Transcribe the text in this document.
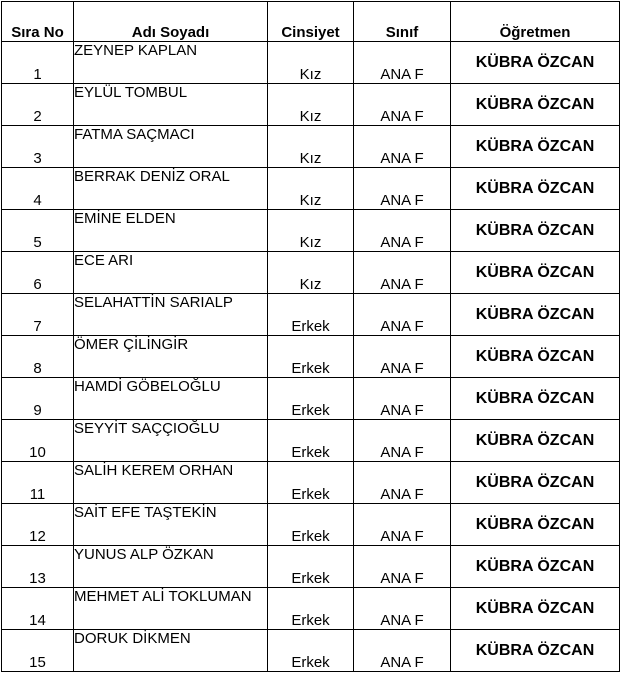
Sıra No	Adı Soyadı	Cinsiyet	Sınıf	Öğretmen
1	ZEYNEP KAPLAN	Kız	ANA F	KÜBRA ÖZCAN
2	EYLÜL TOMBUL	Kız	ANA F	KÜBRA ÖZCAN
3	FATMA SAÇMACI	Kız	ANA F	KÜBRA ÖZCAN
4	BERRAK DENİZ ORAL	Kız	ANA F	KÜBRA ÖZCAN
5	EMİNE ELDEN	Kız	ANA F	KÜBRA ÖZCAN
6	ECE ARI	Kız	ANA F	KÜBRA ÖZCAN
7	SELAHATTİN SARIALP	Erkek	ANA F	KÜBRA ÖZCAN
8	ÖMER ÇİLİNGİR	Erkek	ANA F	KÜBRA ÖZCAN
9	HAMDİ GÖBELOĞLU	Erkek	ANA F	KÜBRA ÖZCAN
10	SEYYİT SAÇÇIOĞLU	Erkek	ANA F	KÜBRA ÖZCAN
11	SALİH KEREM ORHAN	Erkek	ANA F	KÜBRA ÖZCAN
12	SAİT EFE TAŞTEKİN	Erkek	ANA F	KÜBRA ÖZCAN
13	YUNUS ALP ÖZKAN	Erkek	ANA F	KÜBRA ÖZCAN
14	MEHMET ALİ TOKLUMAN	Erkek	ANA F	KÜBRA ÖZCAN
15	DORUK DİKMEN	Erkek	ANA F	KÜBRA ÖZCAN
